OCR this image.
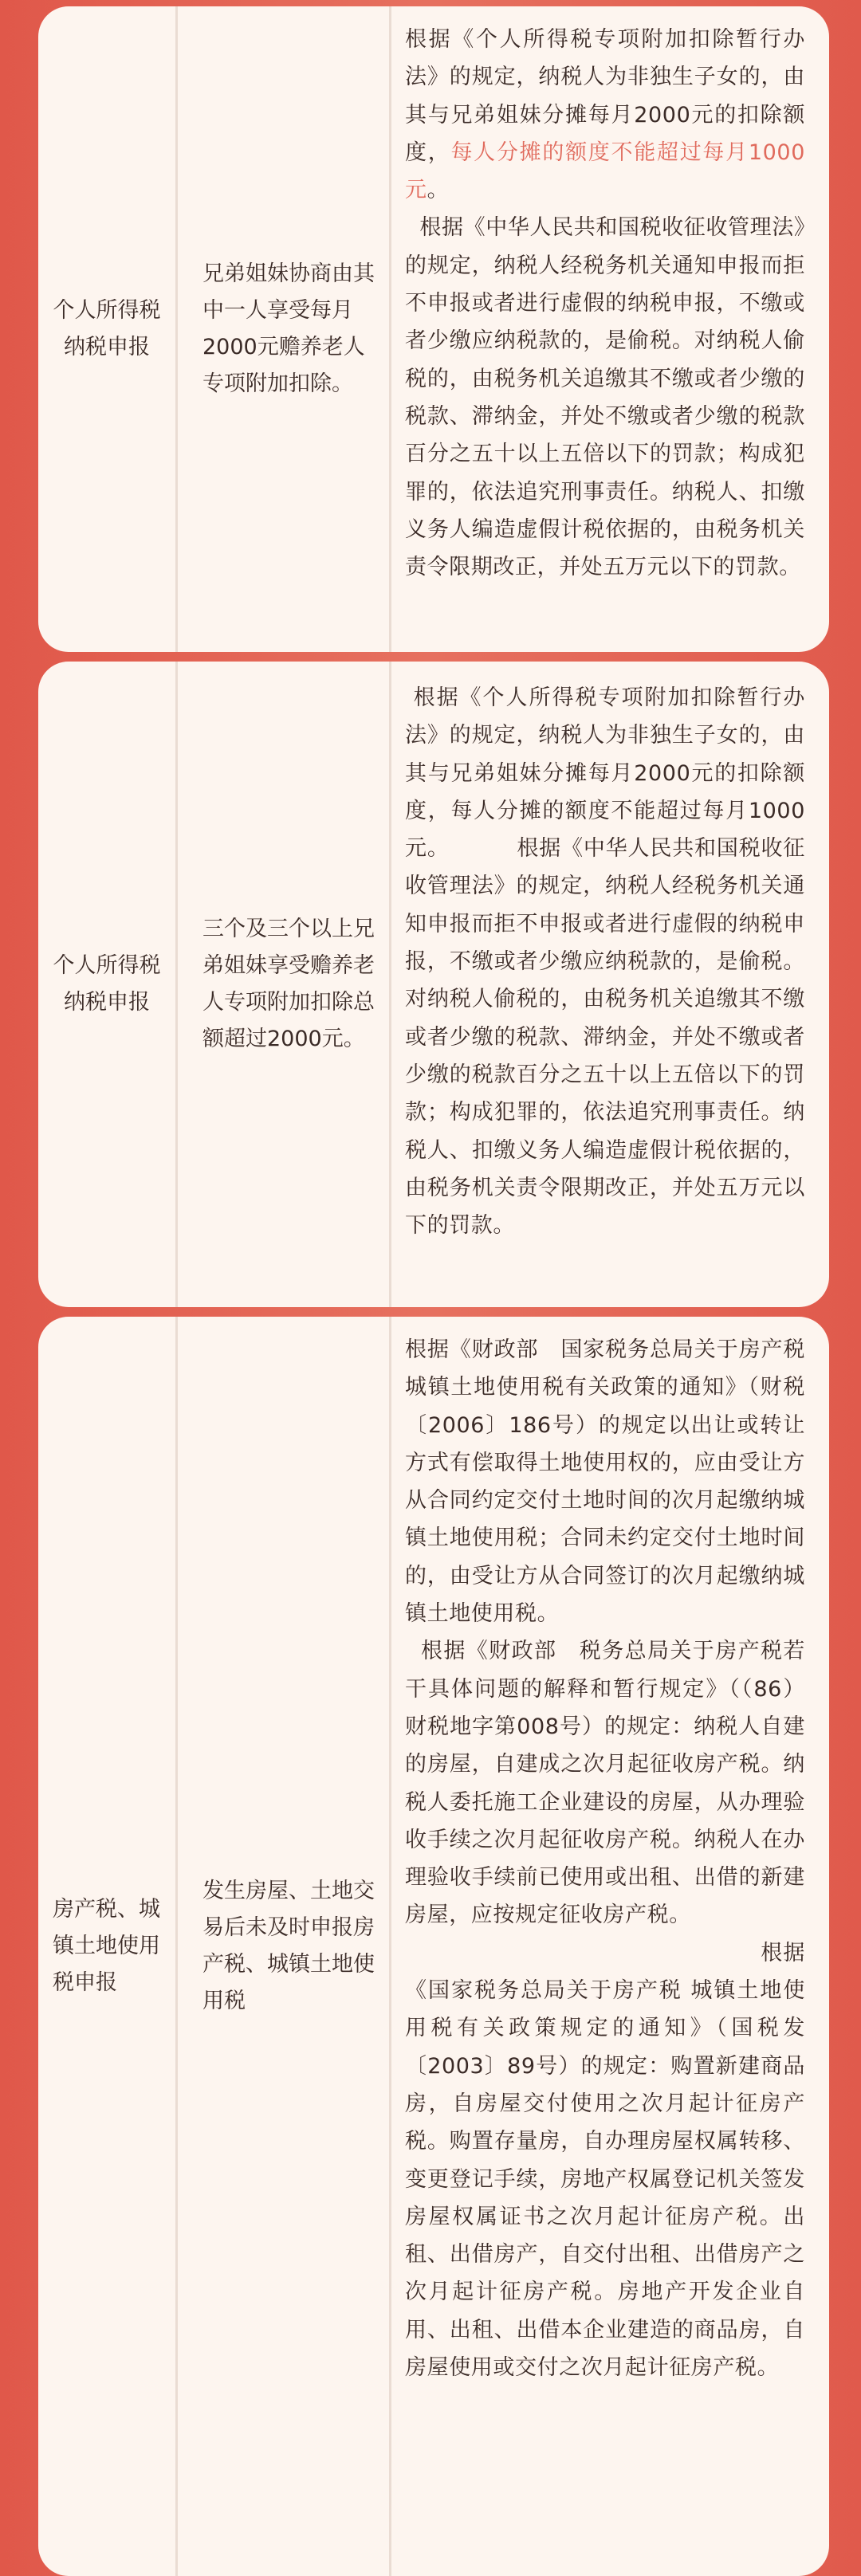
个人所得税纳税申报
兄弟姐妹协商由其中一人享受每月2000元赡养老人专项附加扣除。
根据《个人所得税专项附加扣除暂行办法》的规定，纳税人为非独生子女的，由其与兄弟姐妹分摊每月2000元的扣除额度，每人分摊的额度不能超过每月1000元。
根据《中华人民共和国税收征收管理法》的规定，纳税人经税务机关通知申报而拒不申报或者进行虚假的纳税申报，不缴或者少缴应纳税款的，是偷税。对纳税人偷税的，由税务机关追缴其不缴或者少缴的税款、滞纳金，并处不缴或者少缴的税款百分之五十以上五倍以下的罚款；构成犯罪的，依法追究刑事责任。纳税人、扣缴义务人编造虚假计税依据的，由税务机关责令限期改正，并处五万元以下的罚款。
个人所得税纳税申报
三个及三个以上兄弟姐妹享受赡养老人专项附加扣除总额超过2000元。
根据《个人所得税专项附加扣除暂行办法》的规定，纳税人为非独生子女的，由其与兄弟姐妹分摊每月2000元的扣除额度，每人分摊的额度不能超过每月1000元。         根据《中华人民共和国税收征收管理法》的规定，纳税人经税务机关通知申报而拒不申报或者进行虚假的纳税申报，不缴或者少缴应纳税款的，是偷税。对纳税人偷税的，由税务机关追缴其不缴或者少缴的税款、滞纳金，并处不缴或者少缴的税款百分之五十以上五倍以下的罚款；构成犯罪的，依法追究刑事责任。纳税人、扣缴义务人编造虚假计税依据的，由税务机关责令限期改正，并处五万元以下的罚款。
房产税、城镇土地使用税申报
发生房屋、土地交易后未及时申报房产税、城镇土地使用税
根据《财政部　国家税务总局关于房产税　城镇土地使用税有关政策的通知》（财税〔2006〕186号）的规定以出让或转让方式有偿取得土地使用权的，应由受让方从合同约定交付土地时间的次月起缴纳城镇土地使用税；合同未约定交付土地时间的，由受让方从合同签订的次月起缴纳城镇土地使用税。
根据《财政部　税务总局关于房产税若干具体问题的解释和暂行规定》（（86）财税地字第008号）的规定：纳税人自建的房屋，自建成之次月起征收房产税。纳税人委托施工企业建设的房屋，从办理验收手续之次月起征收房产税。纳税人在办理验收手续前已使用或出租、出借的新建房屋，应按规定征收房产税。
根据《国家税务总局关于房产税 城镇土地使用税有关政策规定的通知》（国税发〔2003〕89号）的规定：购置新建商品房，自房屋交付使用之次月起计征房产税。购置存量房，自办理房屋权属转移、变更登记手续，房地产权属登记机关签发房屋权属证书之次月起计征房产税。出租、出借房产，自交付出租、出借房产之次月起计征房产税。房地产开发企业自用、出租、出借本企业建造的商品房，自房屋使用或交付之次月起计征房产税。
